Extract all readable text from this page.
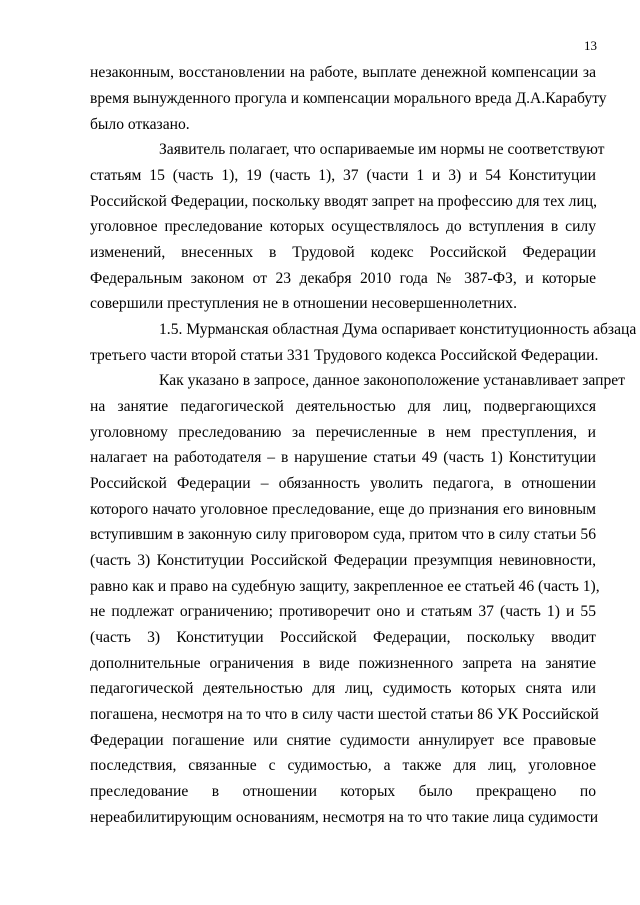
13
незаконным, восстановлении на работе, выплате денежной компенсации за
время вынужденного прогула и компенсации морального вреда Д.А.Карабуту
было отказано.
Заявитель полагает, что оспариваемые им нормы не соответствуют
статьям 15 (часть 1), 19 (часть 1), 37 (части 1 и 3) и 54 Конституции
Российской Федерации, поскольку вводят запрет на профессию для тех лиц,
уголовное преследование которых осуществлялось до вступления в силу
изменений, внесенных в Трудовой кодекс Российской Федерации
Федеральным законом от 23 декабря 2010 года № 387-ФЗ, и которые
совершили преступления не в отношении несовершеннолетних.
1.5. Мурманская областная Дума оспаривает конституционность абзаца
третьего части второй статьи 331 Трудового кодекса Российской Федерации.
Как указано в запросе, данное законоположение устанавливает запрет
на занятие педагогической деятельностью для лиц, подвергающихся
уголовному преследованию за перечисленные в нем преступления, и
налагает на работодателя – в нарушение статьи 49 (часть 1) Конституции
Российской Федерации – обязанность уволить педагога, в отношении
которого начато уголовное преследование, еще до признания его виновным
вступившим в законную силу приговором суда, притом что в силу статьи 56
(часть 3) Конституции Российской Федерации презумпция невиновности,
равно как и право на судебную защиту, закрепленное ее статьей 46 (часть 1),
не подлежат ограничению; противоречит оно и статьям 37 (часть 1) и 55
(часть 3) Конституции Российской Федерации, поскольку вводит
дополнительные ограничения в виде пожизненного запрета на занятие
педагогической деятельностью для лиц, судимость которых снята или
погашена, несмотря на то что в силу части шестой статьи 86 УК Российской
Федерации погашение или снятие судимости аннулирует все правовые
последствия, связанные с судимостью, а также для лиц, уголовное
преследование в отношении которых было прекращено по
нереабилитирующим основаниям, несмотря на то что такие лица судимости
